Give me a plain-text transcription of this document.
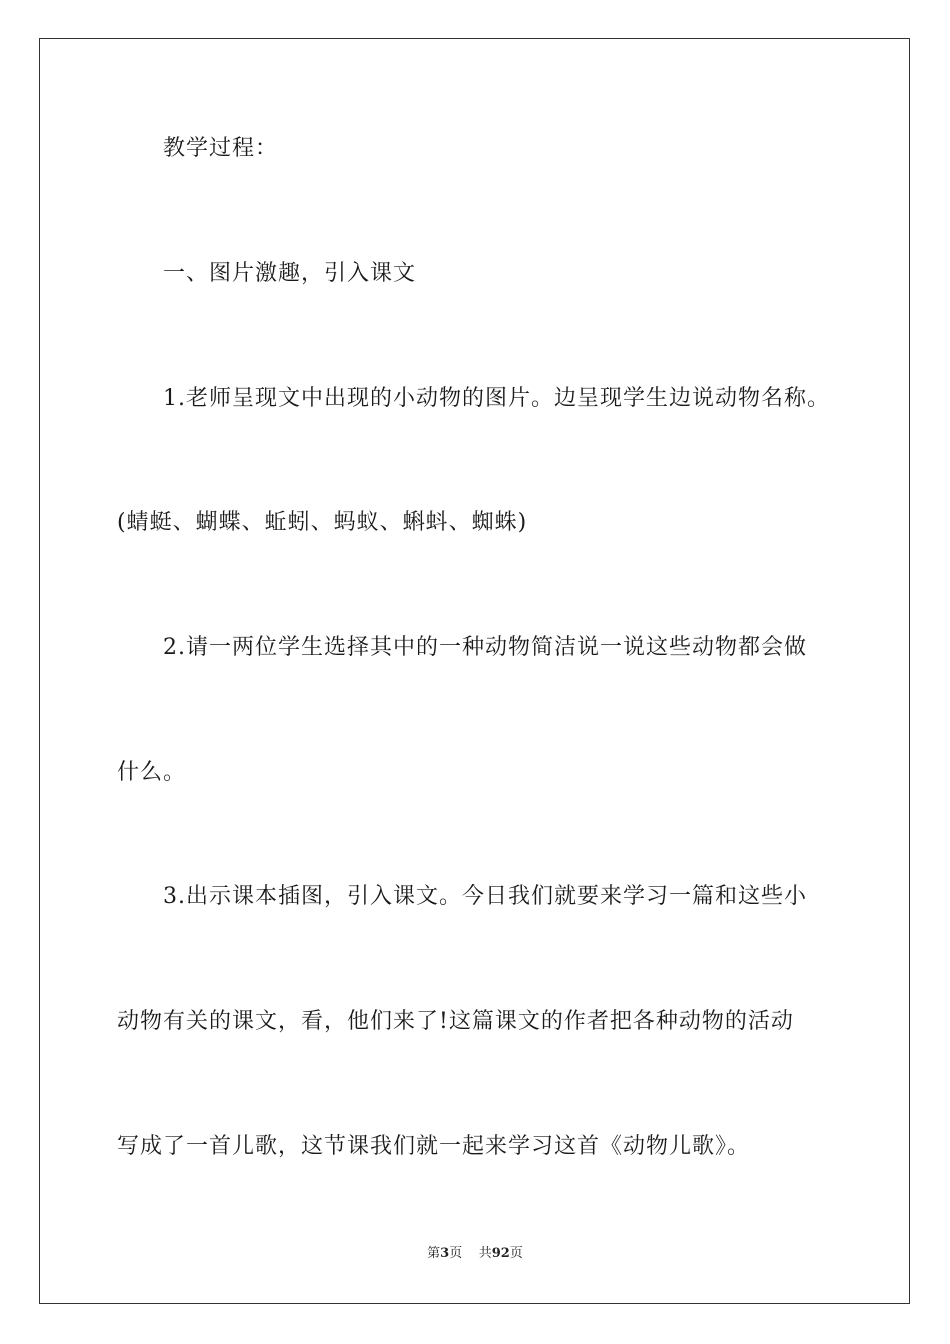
教学过程：
一、图片激趣，引入课文
1.老师呈现文中出现的小动物的图片。边呈现学生边说动物名称。
(蜻蜓、蝴蝶、蚯蚓、蚂蚁、蝌蚪、蜘蛛)
2.请一两位学生选择其中的一种动物简洁说一说这些动物都会做
什么。
3.出示课本插图，引入课文。今日我们就要来学习一篇和这些小
动物有关的课文，看，他们来了!这篇课文的作者把各种动物的活动
写成了一首儿歌，这节课我们就一起来学习这首《动物儿歌》。
第3页 共92页
